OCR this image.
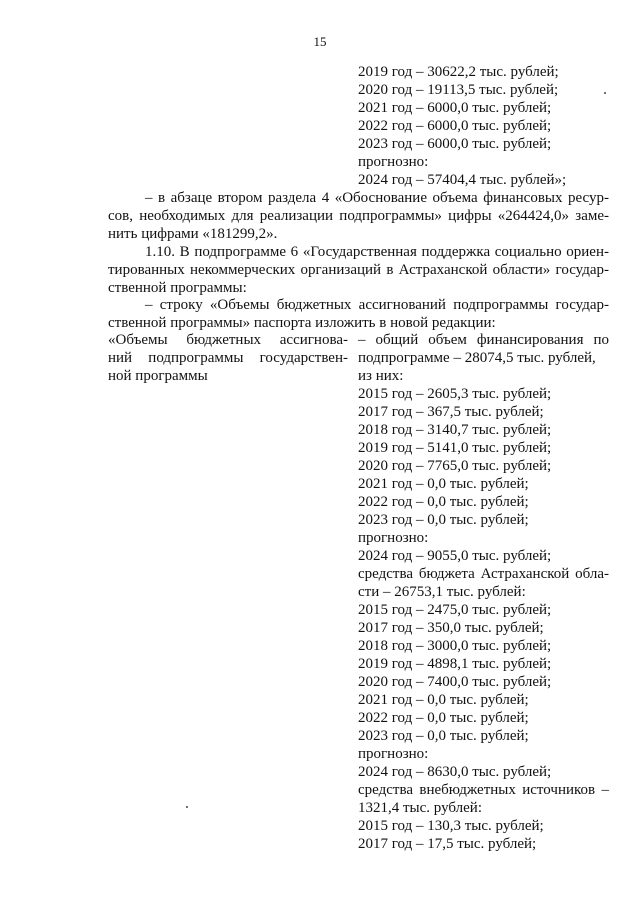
15
2019 год – 30622,2 тыс. рублей;
2020 год – 19113,5 тыс. рублей;
2021 год – 6000,0 тыс. рублей;
2022 год – 6000,0 тыс. рублей;
2023 год – 6000,0 тыс. рублей;
прогнозно:
2024 год – 57404,4 тыс. рублей»;
– в абзаце втором раздела 4 «Обоснование объема финансовых ресур-
сов, необходимых для реализации подпрограммы» цифры «264424,0» заме-
нить цифрами «181299,2».
1.10. В подпрограмме 6 «Государственная поддержка социально ориен-
тированных некоммерческих организаций в Астраханской области» государ-
ственной программы:
– строку «Объемы бюджетных ассигнований подпрограммы государ-
ственной программы» паспорта изложить в новой редакции:
«Объемы бюджетных ассигнова-
ний подпрограммы государствен-
ной программы
– общий объем финансирования по
подпрограмме – 28074,5 тыс. рублей,
из них:
2015 год – 2605,3 тыс. рублей;
2017 год – 367,5 тыс. рублей;
2018 год – 3140,7 тыс. рублей;
2019 год – 5141,0 тыс. рублей;
2020 год – 7765,0 тыс. рублей;
2021 год – 0,0 тыс. рублей;
2022 год – 0,0 тыс. рублей;
2023 год – 0,0 тыс. рублей;
прогнозно:
2024 год – 9055,0 тыс. рублей;
средства бюджета Астраханской обла-
сти – 26753,1 тыс. рублей:
2015 год – 2475,0 тыс. рублей;
2017 год – 350,0 тыс. рублей;
2018 год – 3000,0 тыс. рублей;
2019 год – 4898,1 тыс. рублей;
2020 год – 7400,0 тыс. рублей;
2021 год – 0,0 тыс. рублей;
2022 год – 0,0 тыс. рублей;
2023 год – 0,0 тыс. рублей;
прогнозно:
2024 год – 8630,0 тыс. рублей;
средства внебюджетных источников –
1321,4 тыс. рублей:
2015 год – 130,3 тыс. рублей;
2017 год – 17,5 тыс. рублей;
